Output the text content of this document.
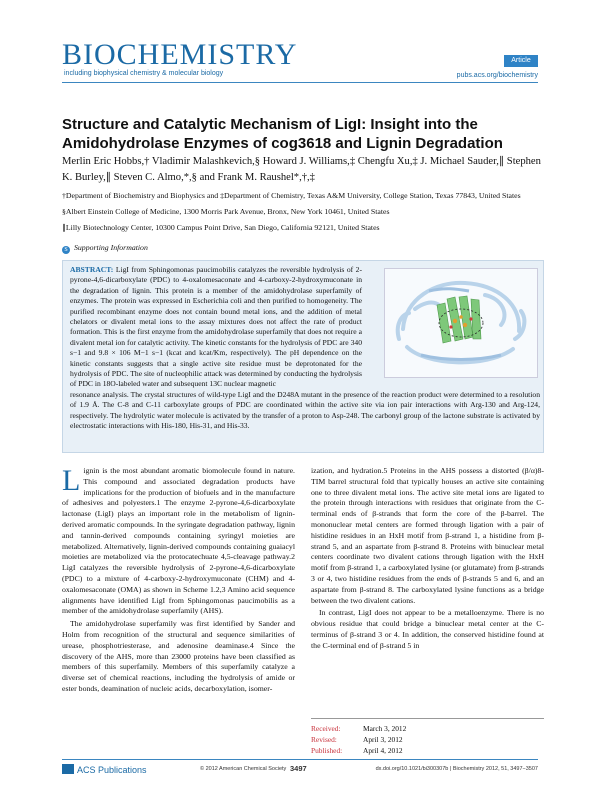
BIOCHEMISTRY
including biophysical chemistry & molecular biology
Article
pubs.acs.org/biochemistry
Structure and Catalytic Mechanism of LigI: Insight into the Amidohydrolase Enzymes of cog3618 and Lignin Degradation
Merlin Eric Hobbs,† Vladimir Malashkevich,§ Howard J. Williams,‡ Chengfu Xu,‡ J. Michael Sauder,∥ Stephen K. Burley,∥ Steven C. Almo,*,§ and Frank M. Raushel*,†,‡
†Department of Biochemistry and Biophysics and ‡Department of Chemistry, Texas A&M University, College Station, Texas 77843, United States
§Albert Einstein College of Medicine, 1300 Morris Park Avenue, Bronx, New York 10461, United States
∥Lilly Biotechnology Center, 10300 Campus Point Drive, San Diego, California 92121, United States
S Supporting Information
ABSTRACT: LigI from Sphingomonas paucimobilis catalyzes the reversible hydrolysis of 2-pyrone-4,6-dicarboxylate (PDC) to 4-oxalomesaconate and 4-carboxy-2-hydroxymuconate in the degradation of lignin. This protein is a member of the amidohydrolase superfamily of enzymes. The protein was expressed in Escherichia coli and then purified to homogeneity. The purified recombinant enzyme does not contain bound metal ions, and the addition of metal chelators or divalent metal ions to the assay mixtures does not affect the rate of product formation. This is the first enzyme from the amidohydrolase superfamily that does not require a divalent metal ion for catalytic activity. The kinetic constants for the hydrolysis of PDC are 340 s−1 and 9.8 × 106 M−1 s−1 (kcat and kcat/Km, respectively). The pH dependence on the kinetic constants suggests that a single active site residue must be deprotonated for the hydrolysis of PDC. The site of nucleophilic attack was determined by conducting the hydrolysis of PDC in 18O-labeled water and subsequent 13C nuclear magnetic
resonance analysis. The crystal structures of wild-type LigI and the D248A mutant in the presence of the reaction product were determined to a resolution of 1.9 Å. The C-8 and C-11 carboxylate groups of PDC are coordinated within the active site via ion pair interactions with Arg-130 and Arg-124, respectively. The hydrolytic water molecule is activated by the transfer of a proton to Asp-248. The carbonyl group of the lactone substrate is activated by electrostatic interactions with His-180, His-31, and His-33.

Lignin is the most abundant aromatic biomolecule found in nature. This compound and associated degradation products have implications for the production of biofuels and in the manufacture of adhesives and polyesters.1 The enzyme 2-pyrone-4,6-dicarboxylate lactonase (LigI) plays an important role in the metabolism of lignin-derived aromatic compounds. In the syringate degradation pathway, lignin and tannin-derived compounds containing syringyl moieties are metabolized. Alternatively, lignin-derived compounds containing guaiacyl moieties are metabolized via the protocatechuate 4,5-cleavage pathway.2 LigI catalyzes the reversible hydrolysis of 2-pyrone-4,6-dicarboxylate (PDC) to a mixture of 4-carboxy-2-hydroxymuconate (CHM) and 4-oxalomesaconate (OMA) as shown in Scheme 1.2,3 Amino acid sequence alignments have identified LigI from Sphingomonas paucimobilis as a member of the amidohydrolase superfamily (AHS).

The amidohydrolase superfamily was first identified by Sander and Holm from recognition of the structural and sequence similarities of urease, phosphotriesterase, and adenosine deaminase.4 Since the discovery of the AHS, more than 23000 proteins have been classified as members of this superfamily. Members of this superfamily catalyze a diverse set of chemical reactions, including the hydrolysis of amide or ester bonds, deamination of nucleic acids, decarboxylation, isomer-

ization, and hydration.5 Proteins in the AHS possess a distorted (β/α)8-TIM barrel structural fold that typically houses an active site containing one to three divalent metal ions. The active site metal ions are ligated to the protein through interactions with residues that originate from the C-terminal ends of β-strands that form the core of the β-barrel. The mononuclear metal centers are formed through ligation with a pair of histidine residues in an HxH motif from β-strand 1, a histidine from β-strand 5, and an aspartate from β-strand 8. Proteins with binuclear metal centers coordinate two divalent cations through ligation with the HxH motif from β-strand 1, a carboxylated lysine (or glutamate) from β-strands 3 or 4, two histidine residues from the ends of β-strands 5 and 6, and an aspartate from β-strand 8. The carboxylated lysine functions as a bridge between the two divalent cations.

In contrast, LigI does not appear to be a metalloenzyme. There is no obvious residue that could bridge a binuclear metal center at the C-terminus of β-strand 3 or 4. In addition, the conserved histidine found at the C-terminal end of β-strand 5 in

Received:	March 3, 2012
Revised:	April 3, 2012
Published:	April 4, 2012
ACS Publications	© 2012 American Chemical Society 3497	dx.doi.org/10.1021/bi300307b | Biochemistry 2012, 51, 3497−3507
